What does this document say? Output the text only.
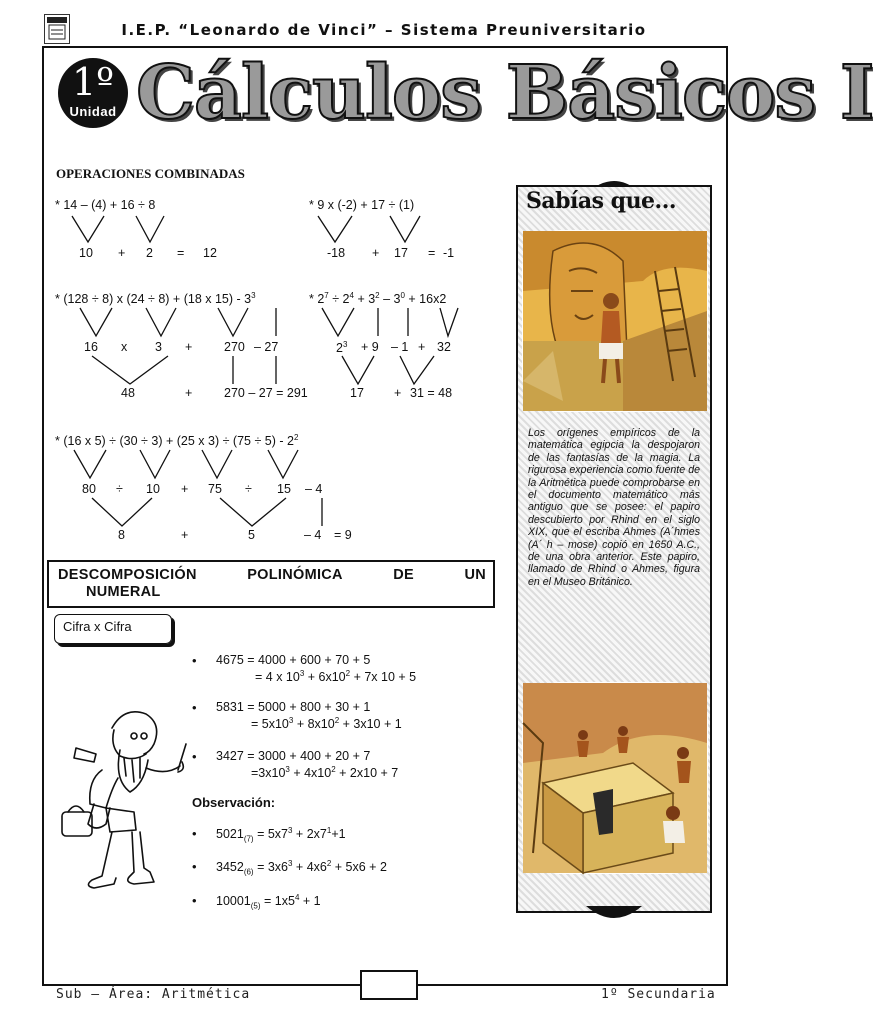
I.E.P. “Leonardo de Vinci” – Sistema Preuniversitario
1º
Unidad Cálculos Básicos I
OPERACIONES COMBINADAS
* 14 – (4) + 16 ÷ 8
10 + 2 = 12
* 9 x (-2) + 17 ÷ (1)
-18 + 17 = -1
* (128 ÷ 8) x (24 ÷ 8) + (18 x $15) - 3^3$
16 x 3 +	270 – 27
48	+	270 – 27 = 291
* $2^7 \div 2^4 + 3^2 - 3^0 + 16x2$
$2^3 + 9 - 1 + 32$
17 + 31 = 48
* (16 x 5) ÷ (30 ÷ 3) + (25 x $3) \div (75 \div 5) - 2^2$
80 ÷ 10 + 75 ÷ 15 – 4
8	+	5	– 4 = 9
DESCOMPOSICIÓN	POLINÓMICA	DE	UN
NUMERAL
Cifra x Cifra
• 4675 = 4000 + 600 + 70 + 5
= 4 x $10^3 + 6x10^2 + 7x$ 10 + 5
• 5831 = 5000 + 800 + 30 + 1
= $5x10^3 + 8x10^2 + 3x10 + 1$
• 3427 = 3000 + 400 + 20 + 7
$=3x10^3 + 4x10^2 + 2x10 + 7$
Observación:
• $5021_{(7)} = 5x7^3 + 2x7^1+1$
• $3452_{(6)} = 3x6^3 + 4x6^2 + 5x6 + 2$
• $10001_{(5)} = 1x5^4 + 1$
Sabías que...
Los orígenes empíricos de la matemática egipcia la despojaron de las fantasías de la magia. La rigurosa experiencia como fuente de la Aritmética puede comprobarse en el documento matemático más antiguo que se posee: el papiro descubierto por Rhind en el siglo XIX, que el escriba Ahmes (A´hmes (A´ h – mose) copió en 1650 A.C., de una obra anterior. Este papiro, llamado de Rhind o Ahmes, figura en el Museo Británico.
Sub – Área: Aritmética	1º Secundaria
